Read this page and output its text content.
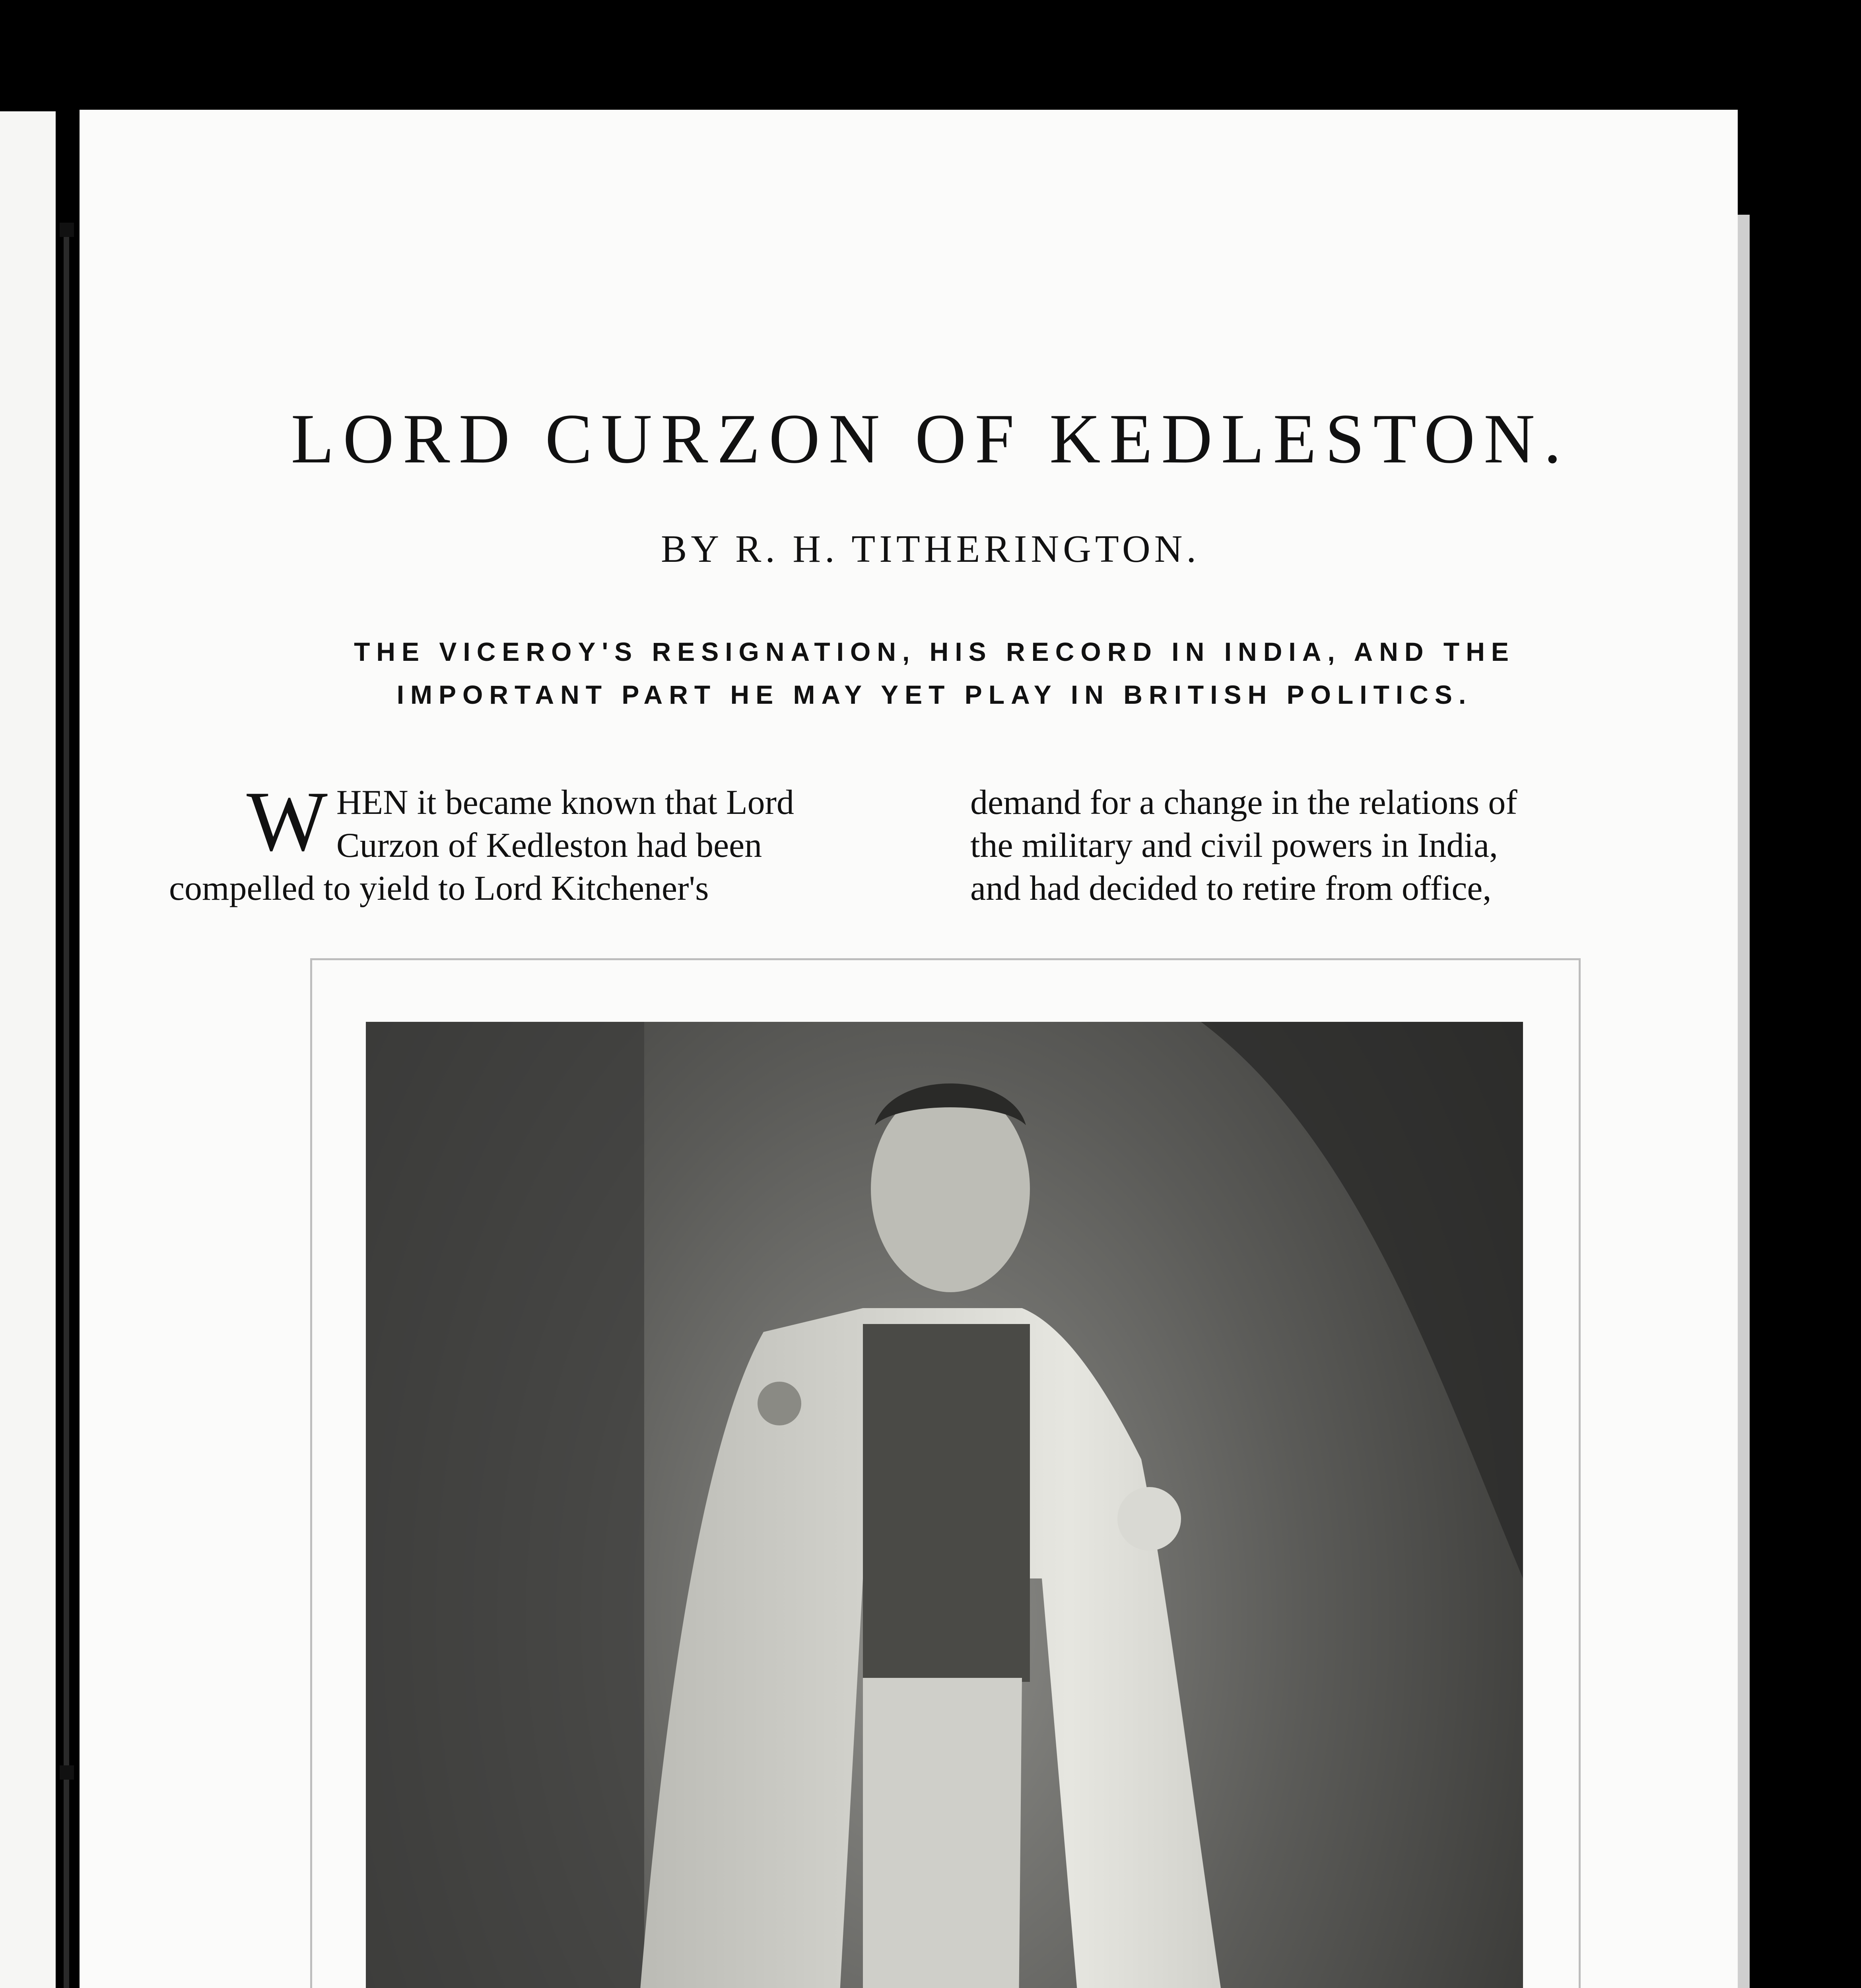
LORD CURZON OF KEDLESTON.
BY R. H. TITHERINGTON.
THE VICEROY'S RESIGNATION, HIS RECORD IN INDIA, AND THE
IMPORTANT PART HE MAY YET PLAY IN BRITISH POLITICS.
W HEN it became known that Lord
Curzon of Kedleston had been
compelled to yield to Lord Kitchener's
demand for a change in the relations of
the military and civil powers in India,
and had decided to retire from office,
